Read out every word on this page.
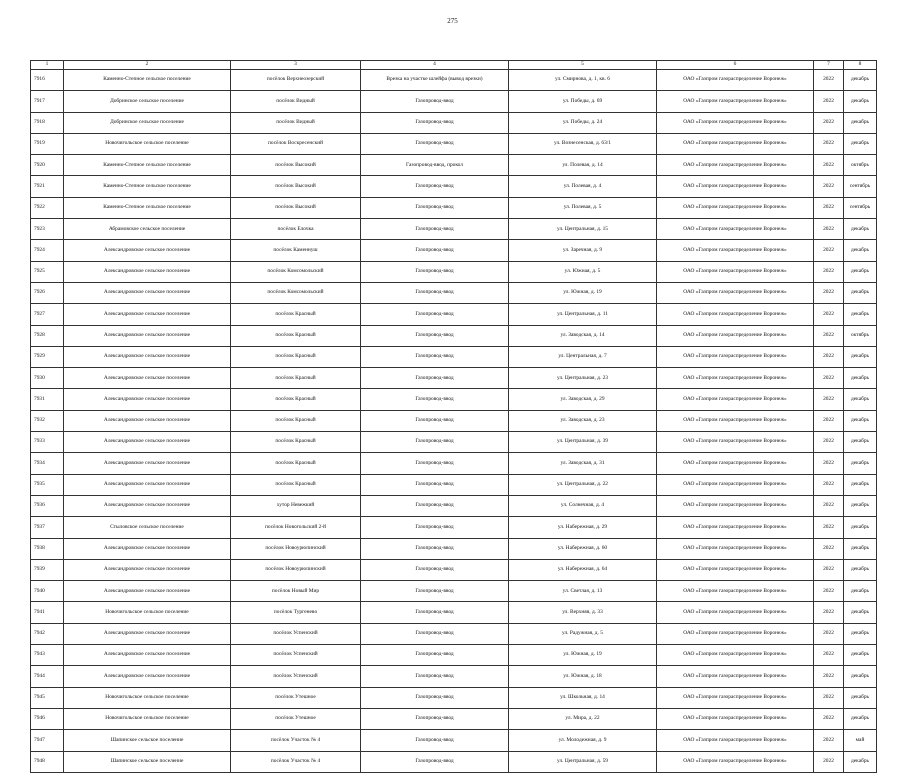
275
1	2	3	4	5	6	7	8
7916	Каменно-Степное сельское поселение	посёлок Верхнеозерский	Врезка на участке шлейфа (вывод врезки)	ул. Смирнова, д. 1, кв. 6	ОАО «Газпром газораспределение Воронеж»	2022	декабрь
7917	Добринское сельское поселение	посёлок Видный	Газопровод-ввод	ул. Победы, д. 69	ОАО «Газпром газораспределение Воронеж»	2022	декабрь
7918	Добринское сельское поселение	посёлок Видный	Газопровод-ввод	ул. Победы, д. 24	ОАО «Газпром газораспределение Воронеж»	2022	декабрь
7919	Новочигольское сельское поселение	посёлок Воскресенский	Газопровод-ввод	ул. Вознесенская, д. 63/1	ОАО «Газпром газораспределение Воронеж»	2022	декабрь
7920	Каменно-Степное сельское поселение	посёлок Высокий	Газопровод-ввод, прокол	ул. Полевая, д. 14	ОАО «Газпром газораспределение Воронеж»	2022	октябрь
7921	Каменно-Степное сельское поселение	посёлок Высокий	Газопровод-ввод	ул. Полевая, д. 4	ОАО «Газпром газораспределение Воронеж»	2022	сентябрь
7922	Каменно-Степное сельское поселение	посёлок Высокий	Газопровод-ввод	ул. Полевая, д. 5	ОАО «Газпром газораспределение Воронеж»	2022	сентябрь
7923	Абрамовское сельское поселение	посёлок Елочка	Газопровод-ввод	ул. Центральная, д. 15	ОАО «Газпром газораспределение Воронеж»	2022	декабрь
7924	Александровское сельское поселение	посёлок Каменнуш	Газопровод-ввод	ул. Заречная, д. 9	ОАО «Газпром газораспределение Воронеж»	2022	декабрь
7925	Александровское сельское поселение	посёлок Комсомольский	Газопровод-ввод	ул. Южная, д. 5	ОАО «Газпром газораспределение Воронеж»	2022	декабрь
7926	Александровское сельское поселение	посёлок Комсомольский	Газопровод-ввод	ул. Южная, д. 19	ОАО «Газпром газораспределение Воронеж»	2022	декабрь
7927	Александровское сельское поселение	посёлок Красный	Газопровод-ввод	ул. Центральная, д. 11	ОАО «Газпром газораспределение Воронеж»	2022	декабрь
7928	Александровское сельское поселение	посёлок Красный	Газопровод-ввод	ул. Заводская, д. 14	ОАО «Газпром газораспределение Воронеж»	2022	октябрь
7929	Александровское сельское поселение	посёлок Красный	Газопровод-ввод	ул. Центральная, д. 7	ОАО «Газпром газораспределение Воронеж»	2022	декабрь
7930	Александровское сельское поселение	посёлок Красный	Газопровод-ввод	ул. Центральная, д. 23	ОАО «Газпром газораспределение Воронеж»	2022	декабрь
7931	Александровское сельское поселение	посёлок Красный	Газопровод-ввод	ул. Заводская, д. 29	ОАО «Газпром газораспределение Воронеж»	2022	декабрь
7932	Александровское сельское поселение	посёлок Красный	Газопровод-ввод	ул. Заводская, д. 23	ОАО «Газпром газораспределение Воронеж»	2022	декабрь
7933	Александровское сельское поселение	посёлок Красный	Газопровод-ввод	ул. Центральная, д. 39	ОАО «Газпром газораспределение Воронеж»	2022	декабрь
7934	Александровское сельское поселение	посёлок Красный	Газопровод-ввод	ул. Заводская, д. 31	ОАО «Газпром газораспределение Воронеж»	2022	декабрь
7935	Александровское сельское поселение	посёлок Красный	Газопровод-ввод	ул. Центральная, д. 22	ОАО «Газпром газораспределение Воронеж»	2022	декабрь
7936	Александровское сельское поселение	хутор Невежкий	Газопровод-ввод	ул. Солнечная, д. 4	ОАО «Газпром газораспределение Воронеж»	2022	декабрь
7937	Стыловское сельское поселение	посёлок Новогольский 2-й	Газопровод-ввод	ул. Набережная, д. 29	ОАО «Газпром газораспределение Воронеж»	2022	декабрь
7938	Александровское сельское поселение	посёлок Новоурюпинский	Газопровод-ввод	ул. Набережная, д. 60	ОАО «Газпром газораспределение Воронеж»	2022	декабрь
7939	Александровское сельское поселение	посёлок Новоурюпинский	Газопровод-ввод	ул. Набережная, д. 64	ОАО «Газпром газораспределение Воронеж»	2022	декабрь
7940	Александровское сельское поселение	посёлок Новый Мир	Газопровод-ввод	ул. Светлая, д. 13	ОАО «Газпром газораспределение Воронеж»	2022	декабрь
7941	Новочигольское сельское поселение	посёлок Тургенево	Газопровод-ввод	ул. Верхняя, д. 33	ОАО «Газпром газораспределение Воронеж»	2022	декабрь
7942	Александровское сельское поселение	посёлок Успенский	Газопровод-ввод	ул. Радужная, д. 5	ОАО «Газпром газораспределение Воронеж»	2022	декабрь
7943	Александровское сельское поселение	посёлок Успенский	Газопровод-ввод	ул. Южная, д. 19	ОАО «Газпром газораспределение Воронеж»	2022	декабрь
7944	Александровское сельское поселение	посёлок Успенский	Газопровод-ввод	ул. Южная, д. 18	ОАО «Газпром газораспределение Воронеж»	2022	декабрь
7945	Новочигольское сельское поселение	посёлок Утешное	Газопровод-ввод	ул. Школьная, д. 14	ОАО «Газпром газораспределение Воронеж»	2022	декабрь
7946	Новочигольское сельское поселение	посёлок Утешное	Газопровод-ввод	ул. Мира, д. 22	ОАО «Газпром газораспределение Воронеж»	2022	декабрь
7947	Шапинское сельское поселение	посёлок Участок № 4	Газопровод-ввод	ул. Молодежная, д. 9	ОАО «Газпром газораспределение Воронеж»	2022	май
7948	Шапинское сельское поселение	посёлок Участок № 4	Газопровод-ввод	ул. Центральная, д. 59	ОАО «Газпром газораспределение Воронеж»	2022	декабрь
